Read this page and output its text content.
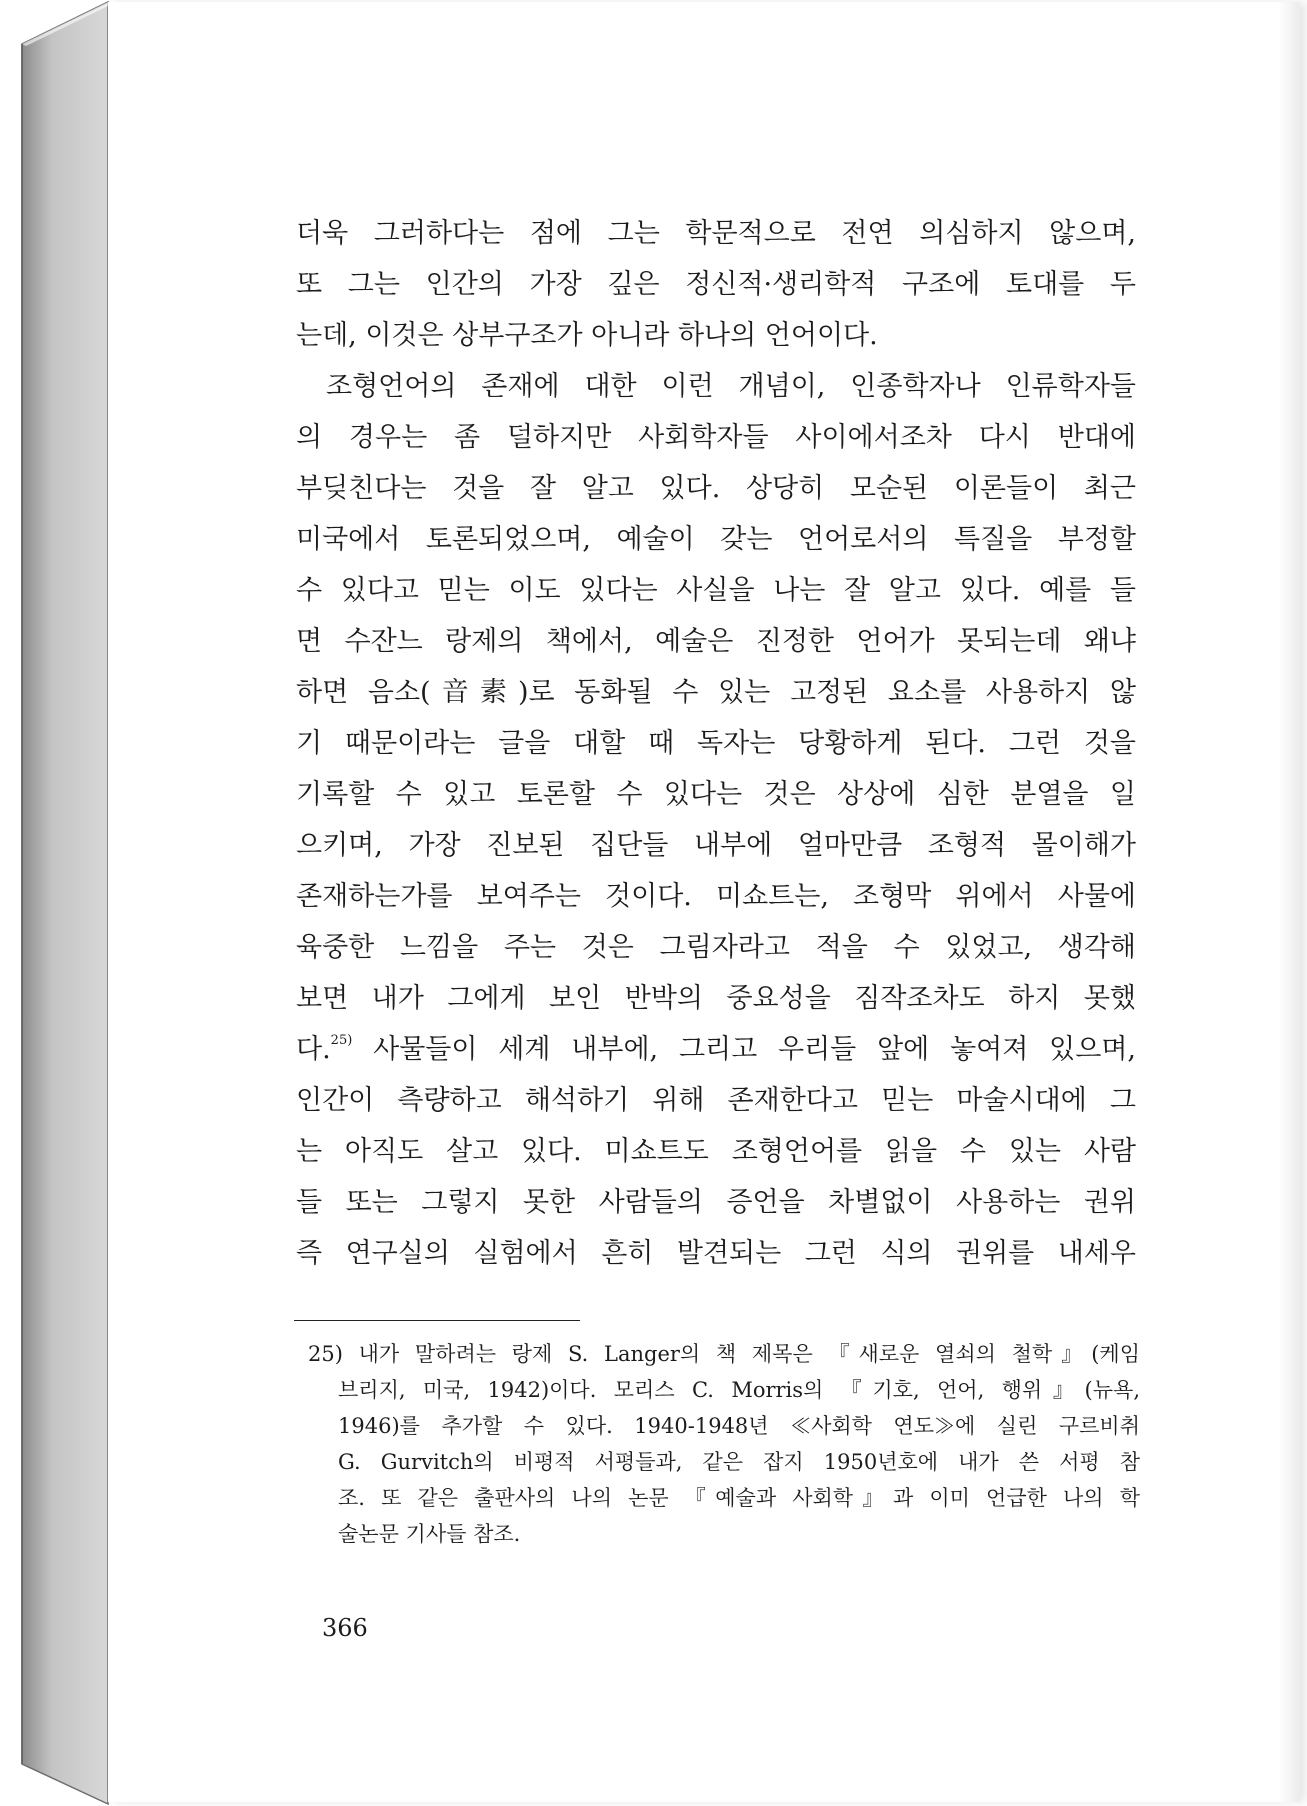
더욱 그러하다는 점에 그는 학문적으로 전연 의심하지 않으며,
또 그는 인간의 가장 깊은 정신적·생리학적 구조에 토대를 두
는데, 이것은 상부구조가 아니라 하나의 언어이다.
조형언어의 존재에 대한 이런 개념이, 인종학자나 인류학자들
의 경우는 좀 덜하지만 사회학자들 사이에서조차 다시 반대에
부딪친다는 것을 잘 알고 있다. 상당히 모순된 이론들이 최근
미국에서 토론되었으며, 예술이 갖는 언어로서의 특질을 부정할
수 있다고 믿는 이도 있다는 사실을 나는 잘 알고 있다. 예를 들
면 수잔느 랑제의 책에서, 예술은 진정한 언어가 못되는데 왜냐
하면 음소(音素)로 동화될 수 있는 고정된 요소를 사용하지 않
기 때문이라는 글을 대할 때 독자는 당황하게 된다. 그런 것을
기록할 수 있고 토론할 수 있다는 것은 상상에 심한 분열을 일
으키며, 가장 진보된 집단들 내부에 얼마만큼 조형적 몰이해가
존재하는가를 보여주는 것이다. 미쇼트는, 조형막 위에서 사물에
육중한 느낌을 주는 것은 그림자라고 적을 수 있었고, 생각해
보면 내가 그에게 보인 반박의 중요성을 짐작조차도 하지 못했
다.$^{25)}$ 사물들이 세계 내부에, 그리고 우리들 앞에 놓여져 있으며,
인간이 측량하고 해석하기 위해 존재한다고 믿는 마술시대에 그
는 아직도 살고 있다. 미쇼트도 조형언어를 읽을 수 있는 사람
들 또는 그렇지 못한 사람들의 증언을 차별없이 사용하는 권위
즉 연구실의 실험에서 흔히 발견되는 그런 식의 권위를 내세우
25) 내가 말하려는 랑제 S. Langer의 책 제목은 『새로운 열쇠의 철학』(케임
브리지, 미국, 1942)이다. 모리스 C. Morris의 『기호, 언어, 행위』(뉴욕,
1946)를 추가할 수 있다. 1940-1948년 ≪사회학 연도≫에 실린 구르비취
G. Gurvitch의 비평적 서평들과, 같은 잡지 1950년호에 내가 쓴 서평 참
조. 또 같은 출판사의 나의 논문 『예술과 사회학』과 이미 언급한 나의 학
술논문 기사들 참조.
366
